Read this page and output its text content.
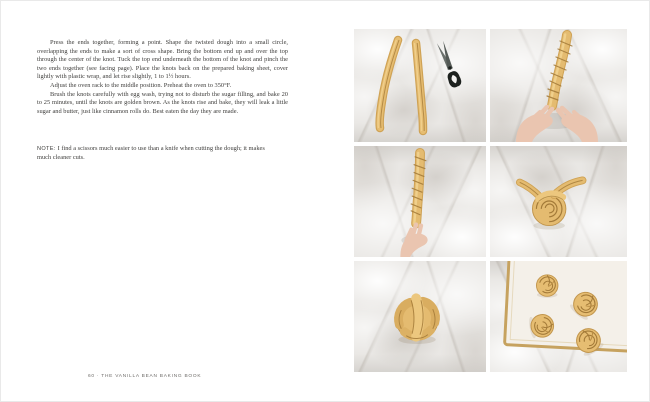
Press the ends together, forming a point. Shape the twisted dough into a small circle, overlapping the ends to make a sort of cross shape. Bring the bottom end up and over the top through the center of the knot. Tuck the top end underneath the bottom of the knot and pinch the two ends together (see facing page). Place the knots back on the prepared baking sheet, cover lightly with plastic wrap, and let rise slightly, 1 to 1½ hours.

Adjust the oven rack to the middle position. Preheat the oven to 350°F.

Brush the knots carefully with egg wash, trying not to disturb the sugar filling, and bake 20 to 25 minutes, until the knots are golden brown. As the knots rise and bake, they will leak a little sugar and butter, just like cinnamon rolls do. Best eaten the day they are made.

NOTE: I find a scissors much easier to use than a knife when cutting the dough; it makes much cleaner cuts.
60 · THE VANILLA BEAN BAKING BOOK
